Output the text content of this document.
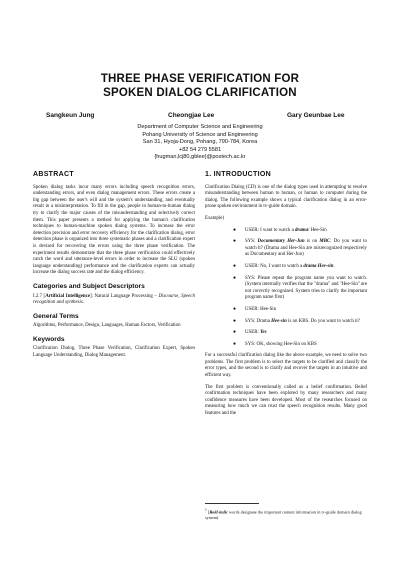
THREE PHASE VERIFICATION FOR
SPOKEN DIALOG CLARIFICATION
Sangkeun Jung	Cheongjae Lee	Gary Geunbae Lee
Department of Computer Science and Engineering
Pohang University of Science and Engineering
San 31, Hyoja-Dong, Pohang, 790-784, Korea
+82 54 279 5581
{hugman,lcj80,gblee}@postech.ac.kr
ABSTRACT

Spoken dialog tasks incur many errors including speech recognition errors, understanding errors, and even dialog management errors. These errors create a big gap between the user's will and the system's understanding, and eventually result in a misinterpretation. To fill in the gap, people in human-to-human dialog try to clarify the major causes of the misunderstanding and selectively correct them. This paper presents a method for applying the human's clarification techniques to human-machine spoken dialog systems. To increase the error detection precision and error recovery efficiency for the clarification dialog, error detection phase is organized into three systematic phases and a clarification expert is devised for recovering the errors using the three phase verification. The experiment results demonstrate that the three phase verification could effectively catch the word and utterance-level errors in order to increase the SLU (spoken language understanding) performance and the clarification experts can actually increase the dialog success rate and the dialog efficiency.

Categories and Subject Descriptors

I.2.7 [Artificial Intelligence]: Natural Language Processing – Discourse, Speech recognition and synthesis.

General Terms

Algorithms, Performance, Design, Languages, Human Factors, Verification

Keywords

Clarification Dialog, Three Phase Verification, Clarification Expert, Spoken Language Understanding, Dialog Management.

1. INTRODUCTION

Clarification Dialog (CD) is one of the dialog types used in attempting to resolve misunderstanding between human to human, or human to computer during the dialog. The following example shows a typical clarification dialog in an error-prone spoken environment in tv-guide domain.

Example)
● USER: I want to watch a drama/ Hee-Sin
● SYS: Documentary Her-Jun is on MBC. Do you want to watch it? (Drama and Hee-Sin are misrecognized respectively as Documentary and Her-Jun)
● USER: No, I want to watch a drama Hee-sin.
● SYS: Please repeat the program name you want to watch. (System internally verifies that the "drama" and "Hee-Sin" are not correctly recognized. System tries to clarify the important program name first)
● USER: Hee-Sin
● SYS: Drama Hee-sin is on KBS. Do you want to watch it?
● USER: Yes
● SYS: OK, showing Hee-Sin on KBS

For a successful clarification dialog like the above example, we need to solve two problems. The first problem is to select the targets to be clarified and classify the error types, and the second is to clarify and recover the targets in an intuitive and efficient way.

The first problem is conventionally called as a belief confirmation. Belief confirmation techniques have been explored by many researchers and many confidence measures have been developed. Most of the researches focused on measuring how much we can trust the speech recognition results. Many good features and the

$^1$ [Bold-italic words designate the important content information in tv-guide domain dialog system)
